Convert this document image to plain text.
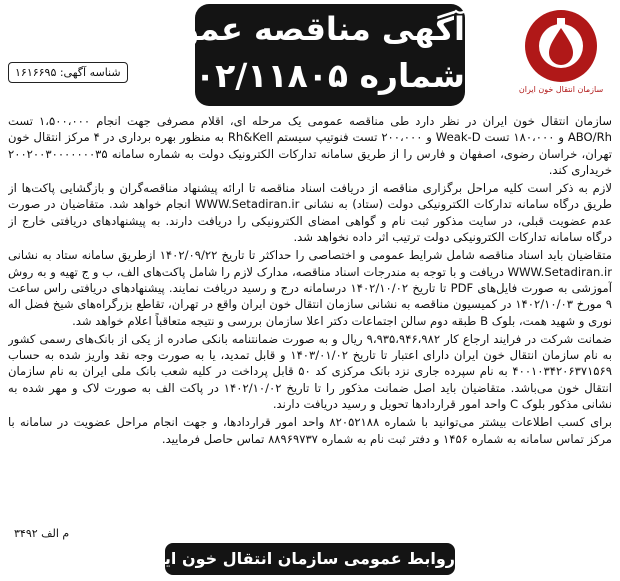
شناسه آگهی: ۱۶۱۶۶۹۵
آگهی مناقصه عمومی
شماره ۱۴۰۲/۱۱۸۰۵	سازمان انتقال خون ایران

سازمان انتقال خون ایران در نظر دارد طی مناقصه عمومی یک مرحله ای، اقلام مصرفی جهت انجام ۱،۵۰۰،۰۰۰ تست ABO/Rh و ۱۸۰،۰۰۰ تست Weak-D و ۲۰۰،۰۰۰ تست فنوتیپ سیستم Rh&Kell به منظور بهره برداری در ۴ مرکز انتقال خون تهران، خراسان رضوی، اصفهان و فارس را از طریق سامانه تدارکات الکترونیک دولت به شماره سامانه ۲۰۰۲۰۰۳۰۰۰۰۰۰۰۳۵ خریداری کند.

لازم به ذکر است کلیه مراحل برگزاری مناقصه از دریافت اسناد مناقصه تا ارائه پیشنهاد مناقصه‌گران و بازگشایی پاکت‌ها از طریق درگاه سامانه تدارکات الکترونیکی دولت (ستاد) به نشانی WWW.Setadiran.ir انجام خواهد شد. متقاضیان در صورت عدم عضویت قبلی، در سایت مذکور ثبت نام و گواهی امضای الکترونیکی را دریافت دارند. به پیشنهادهای دریافتی خارج از درگاه سامانه تدارکات الکترونیکی دولت ترتیب اثر داده نخواهد شد.

متقاضیان باید اسناد مناقصه شامل شرایط عمومی و اختصاصی را حداکثر تا تاریخ ۱۴۰۲/۰۹/۲۲ ازطریق سامانه ستاد به نشانی WWW.Setadiran.ir دریافت و با توجه به مندرجات اسناد مناقصه، مدارک لازم را شامل پاکت‌های الف، ب و ج تهیه و به روش آموزشی به صورت فایل‌های PDF تا تاریخ ۱۴۰۲/۱۰/۰۲ درسامانه درج و رسید دریافت نمایند. پیشنهادهای دریافتی راس ساعت ۹ مورخ ۱۴۰۲/۱۰/۰۳ در کمیسیون مناقصه به نشانی سازمان انتقال خون ایران واقع در تهران، تقاطع بزرگراه‌های شیخ فضل اله نوری و شهید همت، بلوک B طبقه دوم سالن اجتماعات دکتر اعلا سازمان بررسی و نتیجه متعاقباً اعلام خواهد شد.

ضمانت شرکت در فرایند ارجاع کار ۹،۹۳۵،۹۴۶،۹۸۲ ریال و به صورت ضمانتنامه بانکی صادره از یکی از بانک‌های رسمی کشور به نام سازمان انتقال خون ایران دارای اعتبار تا تاریخ ۱۴۰۳/۰۱/۰۲ و قابل تمدید، یا به صورت وجه نقد واریز شده به حساب ۴۰۰۱۰۳۴۲۰۶۳۷۱۵۶۹ به نام سپرده جاری نزد بانک مرکزی کد ۵۰ قابل پرداخت در کلیه شعب بانک ملی ایران به نام سازمان انتقال خون می‌باشد. متقاضیان باید اصل ضمانت مذکور را تا تاریخ ۱۴۰۲/۱۰/۰۲ در پاکت الف به صورت لاک و مهر شده به نشانی مذکور بلوک C واحد امور قراردادها تحویل و رسید دریافت دارند.

برای کسب اطلاعات بیشتر می‌توانید با شماره ۸۲۰۵۲۱۸۸ واحد امور قراردادها، و جهت انجام مراحل عضویت در سامانه با مرکز تماس سامانه به شماره ۱۴۵۶ و دفتر ثبت نام به شماره ۸۸۹۶۹۷۳۷ تماس حاصل فرمایید.

م الف ۳۴۹۲
روابط عمومی سازمان انتقال خون ایران
